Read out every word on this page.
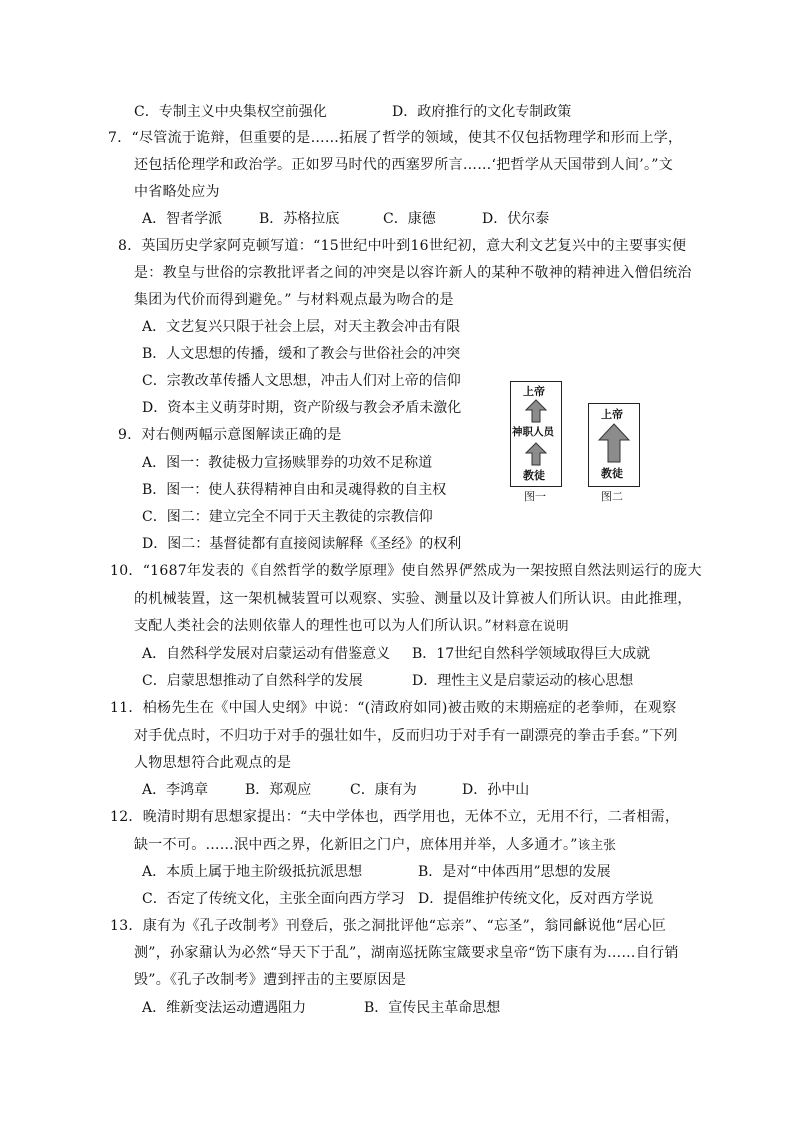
C．专制主义中央集权空前强化	D．政府推行的文化专制政策
7．“尽管流于诡辩，但重要的是……拓展了哲学的领域，使其不仅包括物理学和形而上学，
还包括伦理学和政治学。正如罗马时代的西塞罗所言……‘把哲学从天国带到人间’。”文
中省略处应为
A．智者学派	B．苏格拉底	C．康德	D．伏尔泰
8．英国历史学家阿克顿写道：“15世纪中叶到16世纪初，意大利文艺复兴中的主要事实便
是：教皇与世俗的宗教批评者之间的冲突是以容许新人的某种不敬神的精神进入僧侣统治
集团为代价而得到避免。” 与材料观点最为吻合的是
A．文艺复兴只限于社会上层，对天主教会冲击有限
B．人文思想的传播，缓和了教会与世俗社会的冲突
C．宗教改革传播人文思想，冲击人们对上帝的信仰
D．资本主义萌芽时期，资产阶级与教会矛盾未激化
9．对右侧两幅示意图解读正确的是
A．图一：教徒极力宣扬赎罪券的功效不足称道
B．图一：使人获得精神自由和灵魂得救的自主权
C．图二：建立完全不同于天主教徒的宗教信仰
D．图二：基督徒都有直接阅读解释《圣经》的权利
上帝
神职人员
教徒
图一
上帝
教徒
图二
10．“1687年发表的《自然哲学的数学原理》使自然界俨然成为一架按照自然法则运行的庞大
的机械装置，这一架机械装置可以观察、实验、测量以及计算被人们所认识。由此推理，
支配人类社会的法则依靠人的理性也可以为人们所认识。”材料意在说明
A．自然科学发展对启蒙运动有借鉴意义 B．17世纪自然科学领域取得巨大成就
C．启蒙思想推动了自然科学的发展	D．理性主义是启蒙运动的核心思想
11．柏杨先生在《中国人史纲》中说：“(清政府如同)被击败的末期癌症的老拳师，在观察
对手优点时，不归功于对手的强壮如牛，反而归功于对手有一副漂亮的拳击手套。”下列
人物思想符合此观点的是
A．李鸿章	B．郑观应	C．康有为	D．孙中山
12．晚清时期有思想家提出：“夫中学体也，西学用也，无体不立，无用不行，二者相需，
缺一不可。……泯中西之界，化新旧之门户，庶体用并举，人多通才。”该主张
A．本质上属于地主阶级抵抗派思想	B．是对“中体西用”思想的发展
C．否定了传统文化，主张全面向西方学习 D．提倡维护传统文化，反对西方学说
13．康有为《孔子改制考》刊登后，张之洞批评他“忘亲”、“忘圣”，翁同龢说他“居心叵
测”，孙家鼐认为必然“导天下于乱”，湖南巡抚陈宝箴要求皇帝“饬下康有为……自行销
毁”。《孔子改制考》遭到抨击的主要原因是
A．维新变法运动遭遇阻力	B．宣传民主革命思想
